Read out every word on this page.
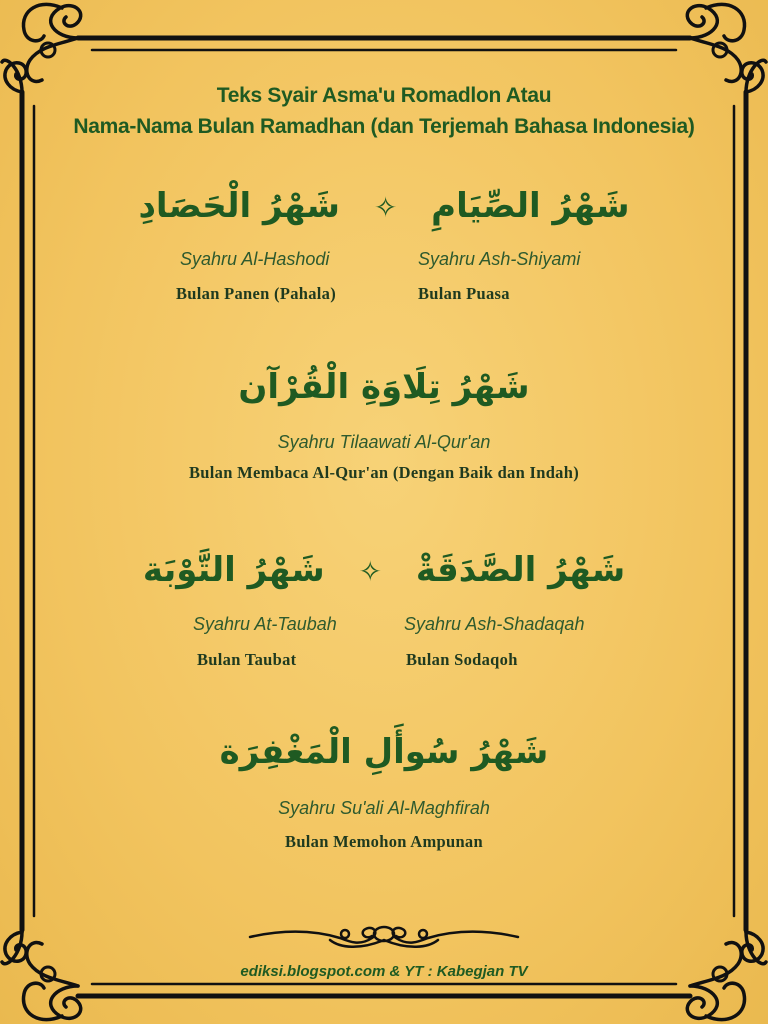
Teks Syair Asma'u Romadlon Atau
Nama-Nama Bulan Ramadhan (dan Terjemah Bahasa Indonesia)
شَهْرُ الصِّيَامِ ✧ شَهْرُ الْحَصَادِ
Syahru Al-Hashodi	Syahru Ash-Shiyami
Bulan Panen (Pahala)	Bulan Puasa
شَهْرُ تِلَاوَةِ الْقُرْآن
Syahru Tilaawati Al-Qur'an
Bulan Membaca Al-Qur'an (Dengan Baik dan Indah)
شَهْرُ الصَّدَقَةْ ✧ شَهْرُ التَّوْبَة
Syahru At-Taubah	Syahru Ash-Shadaqah
Bulan Taubat	Bulan Sodaqoh
شَهْرُ سُوأَلِ الْمَغْفِرَة
Syahru Su'ali Al-Maghfirah
Bulan Memohon Ampunan
ediksi.blogspot.com & YT : Kabegjan TV
